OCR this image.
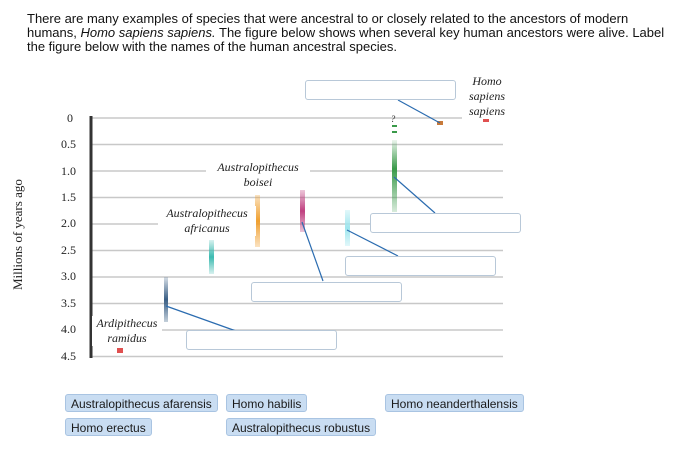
There are many examples of species that were ancestral to or closely related to the ancestors of modern humans, Homo sapiens sapiens. The figure below shows when several key human ancestors were alive. Label the figure below with the names of the human ancestral species.
?
0
0.5
1.0
1.5
2.0
2.5
3.0
3.5
4.0
4.5
Millions of years ago
Homo sapiens sapiens
Australopithecus boisei
Australopithecus africanus
Ardipithecus ramidus
Australopithecus afarensis	Homo habilis	Homo neanderthalensis
Homo erectus	Australopithecus robustus
